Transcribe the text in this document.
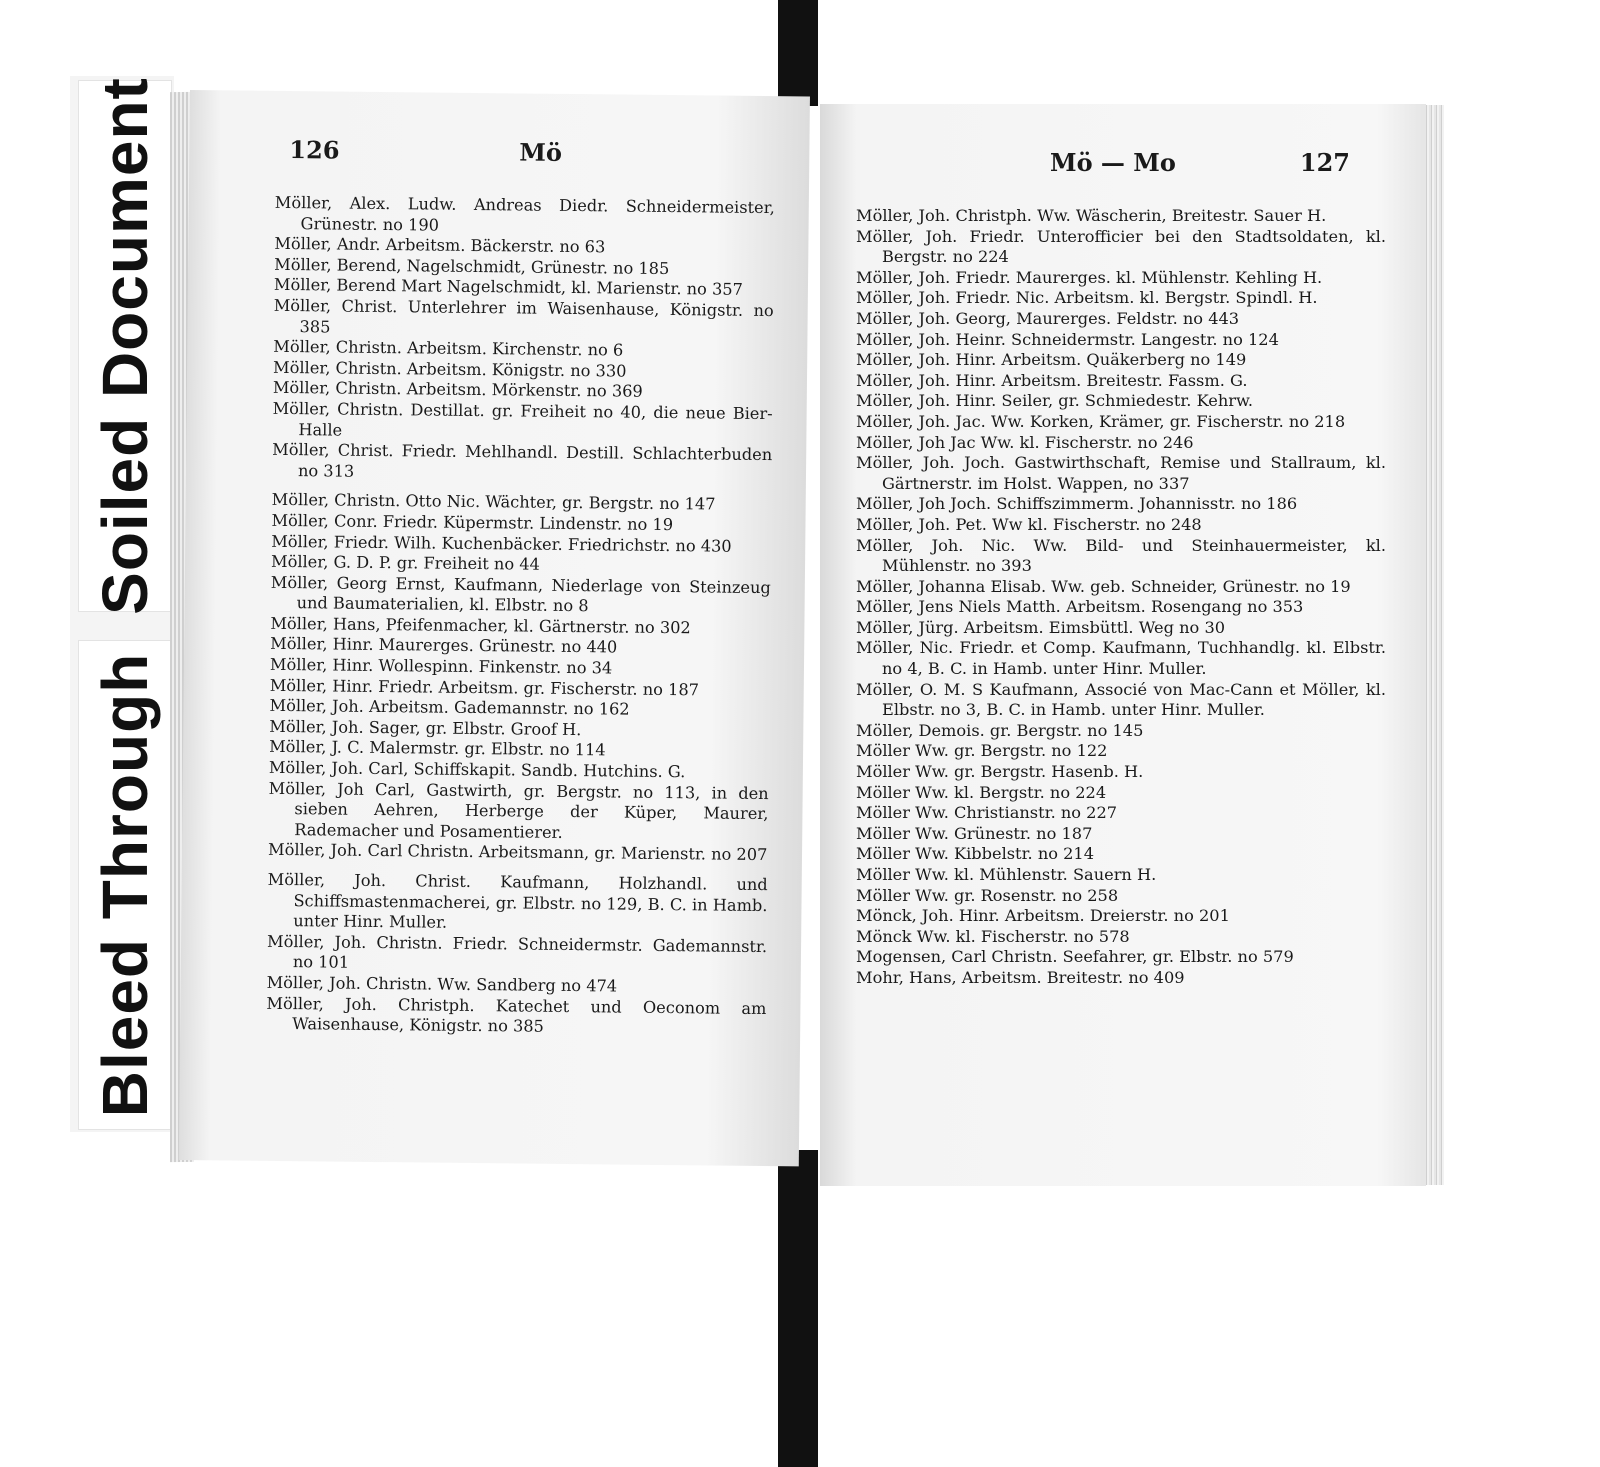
Soiled Document
Bleed Through
126	Mö
Möller, Alex. Ludw. Andreas Diedr. Schneidermeister, Grünestr. no 190
Möller, Andr. Arbeitsm. Bäckerstr. no 63
Möller, Berend, Nagelschmidt, Grünestr. no 185
Möller, Berend Mart Nagelschmidt, kl. Marienstr. no 357
Möller, Christ. Unterlehrer im Waisenhause, Königstr. no 385
Möller, Christn. Arbeitsm. Kirchenstr. no 6
Möller, Christn. Arbeitsm. Königstr. no 330
Möller, Christn. Arbeitsm. Mörkenstr. no 369
Möller, Christn. Destillat. gr. Freiheit no 40, die neue Bier-Halle
Möller, Christ. Friedr. Mehlhandl. Destill. Schlachterbuden no 313
Möller, Christn. Otto Nic. Wächter, gr. Bergstr. no 147
Möller, Conr. Friedr. Küpermstr. Lindenstr. no 19
Möller, Friedr. Wilh. Kuchenbäcker. Friedrichstr. no 430
Möller, G. D. P. gr. Freiheit no 44
Möller, Georg Ernst, Kaufmann, Niederlage von Steinzeug und Baumaterialien, kl. Elbstr. no 8
Möller, Hans, Pfeifenmacher, kl. Gärtnerstr. no 302
Möller, Hinr. Maurerges. Grünestr. no 440
Möller, Hinr. Wollespinn. Finkenstr. no 34
Möller, Hinr. Friedr. Arbeitsm. gr. Fischerstr. no 187
Möller, Joh. Arbeitsm. Gademannstr. no 162
Möller, Joh. Sager, gr. Elbstr. Groof H.
Möller, J. C. Malermstr. gr. Elbstr. no 114
Möller, Joh. Carl, Schiffskapit. Sandb. Hutchins. G.
Möller, Joh Carl, Gastwirth, gr. Bergstr. no 113, in den sieben Aehren, Herberge der Küper, Maurer, Rademacher und Posamentierer.
Möller, Joh. Carl Christn. Arbeitsmann, gr. Marienstr. no 207
Möller, Joh. Christ. Kaufmann, Holzhandl. und Schiffsmastenmacherei, gr. Elbstr. no 129, B. C. in Hamb. unter Hinr. Muller.
Möller, Joh. Christn. Friedr. Schneidermstr. Gademannstr. no 101
Möller, Joh. Christn. Ww. Sandberg no 474
Möller, Joh. Christph. Katechet und Oeconom am Waisenhause, Königstr. no 385
Mö — Mo	127
Möller, Joh. Christph. Ww. Wäscherin, Breitestr. Sauer H.
Möller, Joh. Friedr. Unterofficier bei den Stadtsoldaten, kl. Bergstr. no 224
Möller, Joh. Friedr. Maurerges. kl. Mühlenstr. Kehling H.
Möller, Joh. Friedr. Nic. Arbeitsm. kl. Bergstr. Spindl. H.
Möller, Joh. Georg, Maurerges. Feldstr. no 443
Möller, Joh. Heinr. Schneidermstr. Langestr. no 124
Möller, Joh. Hinr. Arbeitsm. Quäkerberg no 149
Möller, Joh. Hinr. Arbeitsm. Breitestr. Fassm. G.
Möller, Joh. Hinr. Seiler, gr. Schmiedestr. Kehrw.
Möller, Joh. Jac. Ww. Korken, Krämer, gr. Fischerstr. no 218
Möller, Joh Jac Ww. kl. Fischerstr. no 246
Möller, Joh. Joch. Gastwirthschaft, Remise und Stallraum, kl. Gärtnerstr. im Holst. Wappen, no 337
Möller, Joh Joch. Schiffszimmerm. Johannisstr. no 186
Möller, Joh. Pet. Ww kl. Fischerstr. no 248
Möller, Joh. Nic. Ww. Bild- und Steinhauermeister, kl. Mühlenstr. no 393
Möller, Johanna Elisab. Ww. geb. Schneider, Grünestr. no 19
Möller, Jens Niels Matth. Arbeitsm. Rosengang no 353
Möller, Jürg. Arbeitsm. Eimsbüttl. Weg no 30
Möller, Nic. Friedr. et Comp. Kaufmann, Tuchhandlg. kl. Elbstr. no 4, B. C. in Hamb. unter Hinr. Muller.
Möller, O. M. S Kaufmann, Associé von Mac-Cann et Möller, kl. Elbstr. no 3, B. C. in Hamb. unter Hinr. Muller.
Möller, Demois. gr. Bergstr. no 145
Möller Ww. gr. Bergstr. no 122
Möller Ww. gr. Bergstr. Hasenb. H.
Möller Ww. kl. Bergstr. no 224
Möller Ww. Christianstr. no 227
Möller Ww. Grünestr. no 187
Möller Ww. Kibbelstr. no 214
Möller Ww. kl. Mühlenstr. Sauern H.
Möller Ww. gr. Rosenstr. no 258
Mönck, Joh. Hinr. Arbeitsm. Dreierstr. no 201
Mönck Ww. kl. Fischerstr. no 578
Mogensen, Carl Christn. Seefahrer, gr. Elbstr. no 579
Mohr, Hans, Arbeitsm. Breitestr. no 409
